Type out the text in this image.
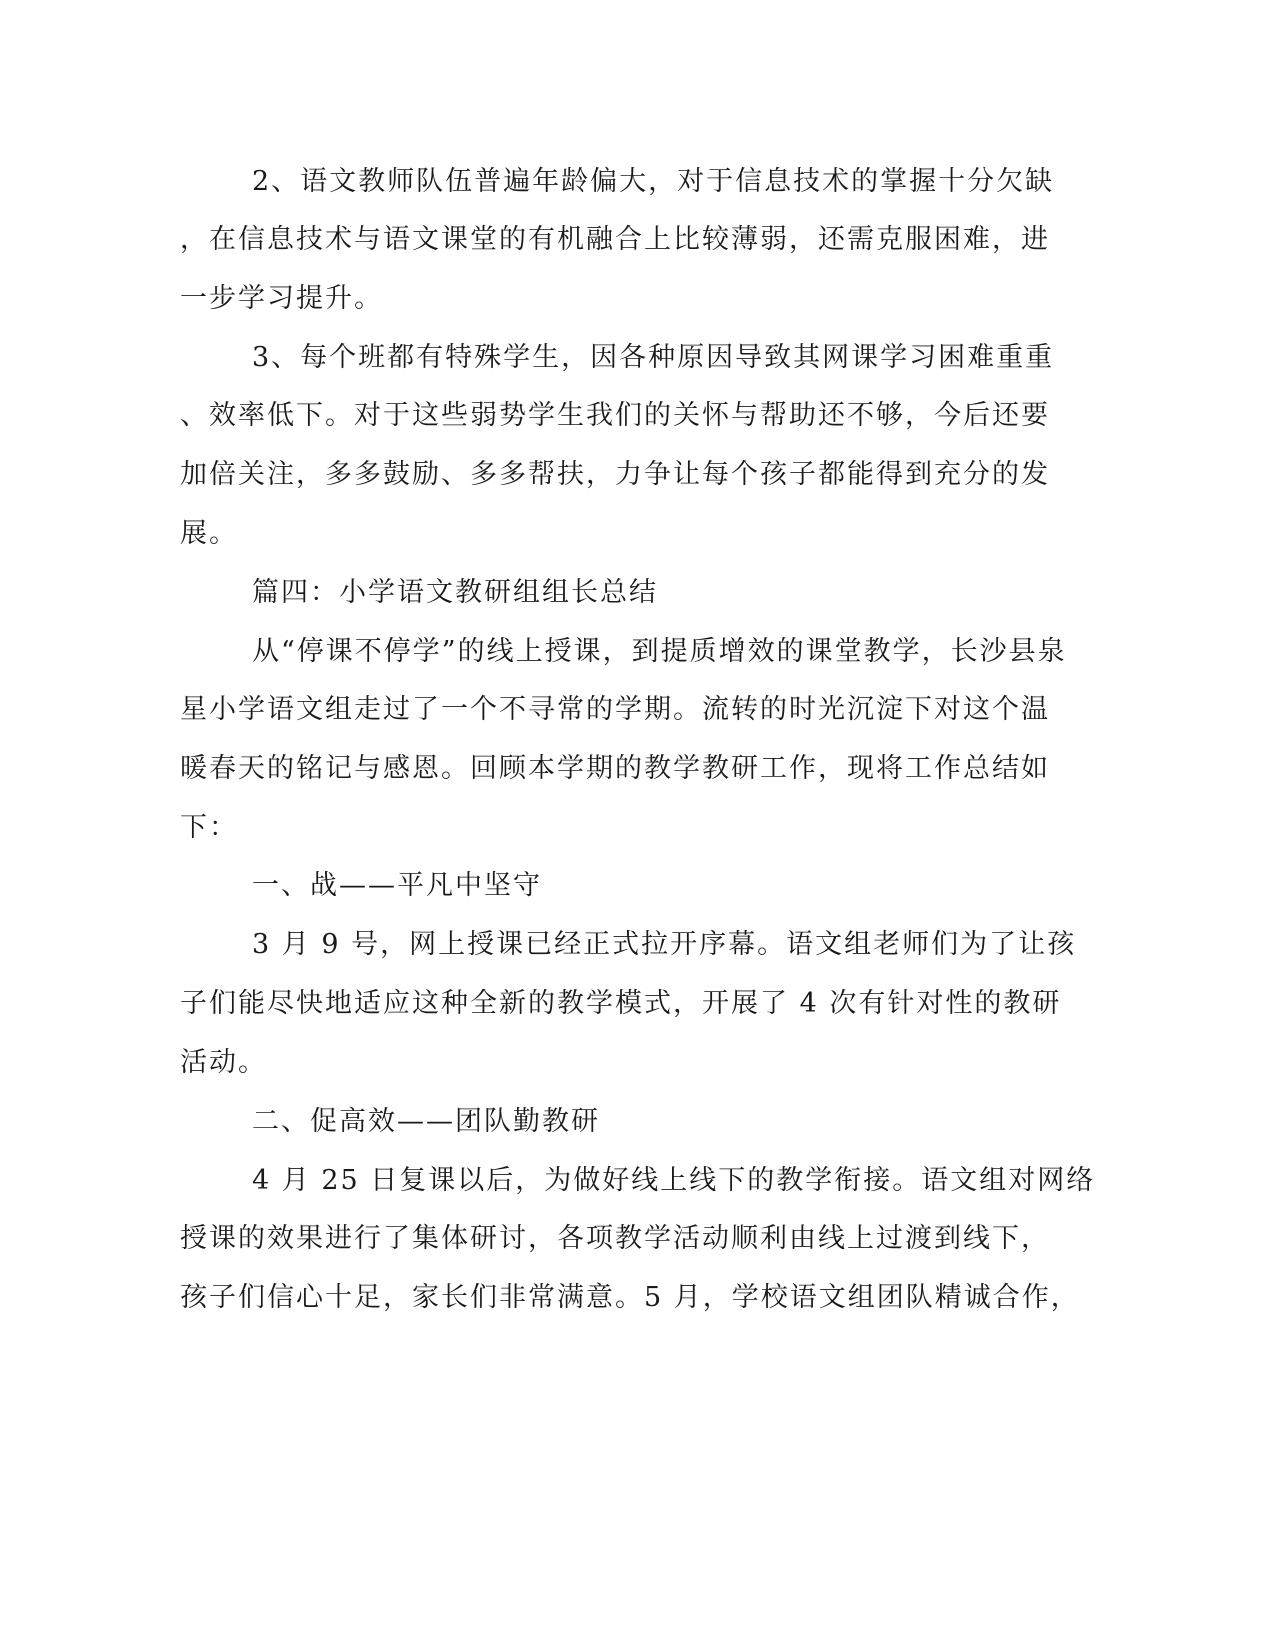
2、语文教师队伍普遍年龄偏大，对于信息技术的掌握十分欠缺
，在信息技术与语文课堂的有机融合上比较薄弱，还需克服困难，进
一步学习提升。
3、每个班都有特殊学生，因各种原因导致其网课学习困难重重
、效率低下。对于这些弱势学生我们的关怀与帮助还不够，今后还要
加倍关注，多多鼓励、多多帮扶，力争让每个孩子都能得到充分的发
展。
篇四：小学语文教研组组长总结
从“停课不停学”的线上授课，到提质增效的课堂教学，长沙县泉
星小学语文组走过了一个不寻常的学期。流转的时光沉淀下对这个温
暖春天的铭记与感恩。回顾本学期的教学教研工作，现将工作总结如
下：
一、战——平凡中坚守
3 月 9 号，网上授课已经正式拉开序幕。语文组老师们为了让孩
子们能尽快地适应这种全新的教学模式，开展了 4 次有针对性的教研
活动。
二、促高效——团队勤教研
4 月 25 日复课以后，为做好线上线下的教学衔接。语文组对网络
授课的效果进行了集体研讨，各项教学活动顺利由线上过渡到线下，
孩子们信心十足，家长们非常满意。5 月，学校语文组团队精诚合作，
